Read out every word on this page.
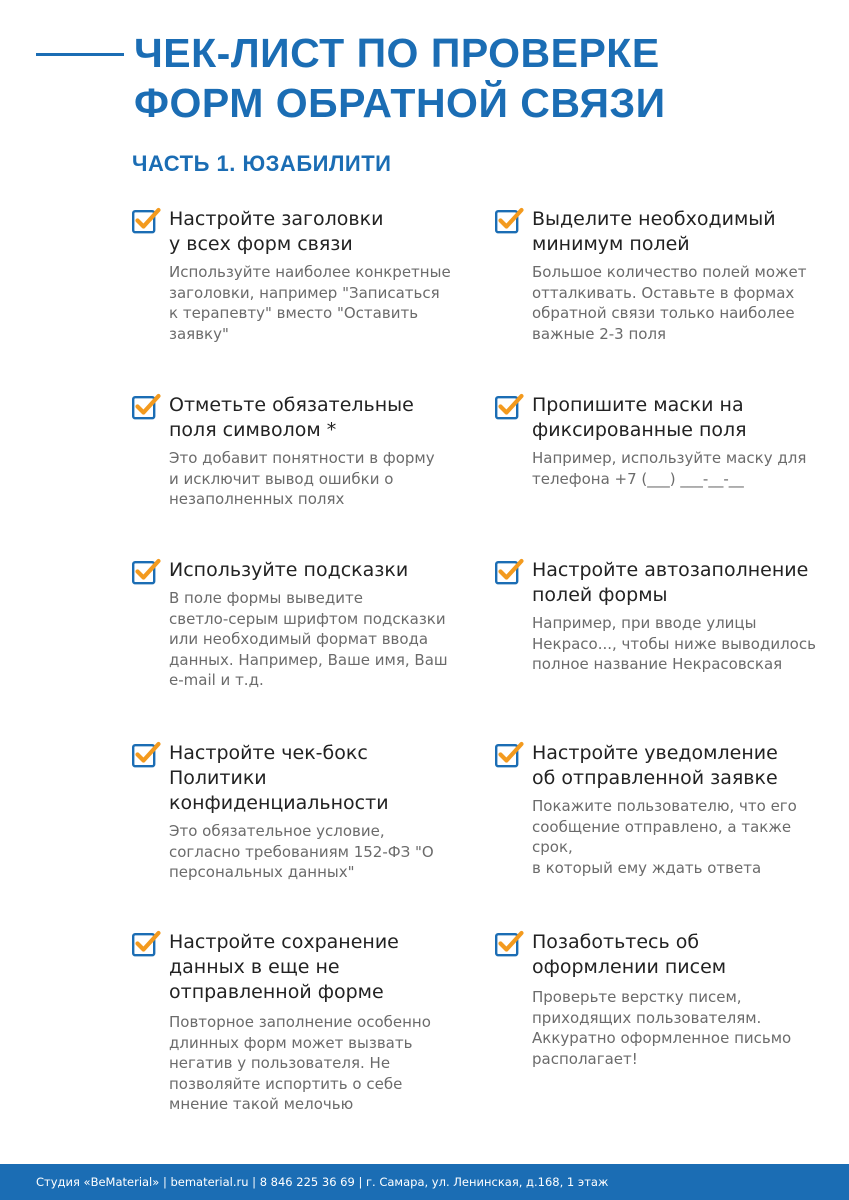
ЧЕК-ЛИСТ ПО ПРОВЕРКЕ
ФОРМ ОБРАТНОЙ СВЯЗИ
ЧАСТЬ 1. ЮЗАБИЛИТИ
Настройте заголовки
у всех форм связи

Используйте наиболее конкретные
заголовки, например "Записаться
к терапевту" вместо "Оставить
заявку"

Отметьте обязательные
поля символом *

Это добавит понятности в форму
и исключит вывод ошибки о
незаполненных полях

Используйте подсказки

В поле формы выведите
светло-серым шрифтом подсказки
или необходимый формат ввода
данных. Например, Ваше имя, Ваш
e-mail и т.д.

Настройте чек-бокс
Политики
конфиденциальности

Это обязательное условие,
согласно требованиям 152-ФЗ "О
персональных данных"

Настройте сохранение
данных в еще не
отправленной форме

Повторное заполнение особенно
длинных форм может вызвать
негатив у пользователя. Не
позволяйте испортить о себе
мнение такой мелочью

Выделите необходимый
минимум полей

Большое количество полей может
отталкивать. Оставьте в формах
обратной связи только наиболее
важные 2-3 поля

Пропишите маски на
фиксированные поля

Например, используйте маску для
телефона +7 (___) ___-__-__

Настройте автозаполнение
полей формы

Например, при вводе улицы
Некрасо..., чтобы ниже выводилось
полное название Некрасовская

Настройте уведомление
об отправленной заявке

Покажите пользователю, что его
сообщение отправлено, а также срок,
в который ему ждать ответа

Позаботьтесь об
оформлении писем

Проверьте верстку писем,
приходящих пользователям.
Аккуратно оформленное письмо
располагает!

Студия «BeMaterial» | bematerial.ru | 8 846 225 36 69 | г. Самара, ул. Ленинская, д.168, 1 этаж
